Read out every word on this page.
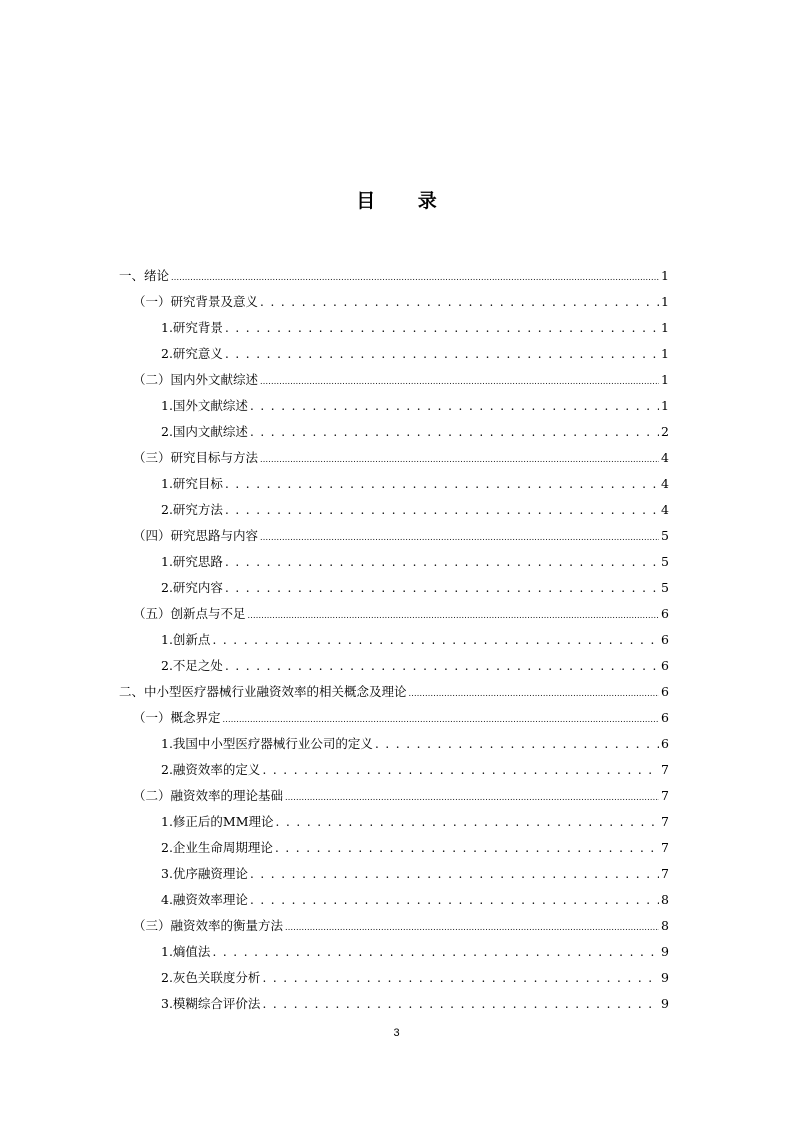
目 录
一、绪论 .....	1
（一）研究背景及意义 . . .	1
1.研究背景 . . .	1
2.研究意义 . . .	1
（二）国内外文献综述 .....	1
1.国外文献综述 . . .	1
2.国内文献综述 . . .	2
（三）研究目标与方法 .....	4
1.研究目标 . . .	4
2.研究方法 . . .	4
（四）研究思路与内容 .....	5
1.研究思路 . . .	5
2.研究内容 . . .	5
（五）创新点与不足 .....	6
1.创新点 . . .	6
2.不足之处 . . .	6
二、中小型医疗器械行业融资效率的相关概念及理论 .....	6
（一）概念界定 .....	6
1.我国中小型医疗器械行业公司的定义 . . .	6
2.融资效率的定义 . . .	7
（二）融资效率的理论基础 .....	7
1.修正后的MM理论 . . .	7
2.企业生命周期理论 . . .	7
3.优序融资理论 . . .	7
4.融资效率理论 . . .	8
（三）融资效率的衡量方法 .....	8
1.熵值法 . . .	9
2.灰色关联度分析 . . .	9
3.模糊综合评价法 . . .	9
3
